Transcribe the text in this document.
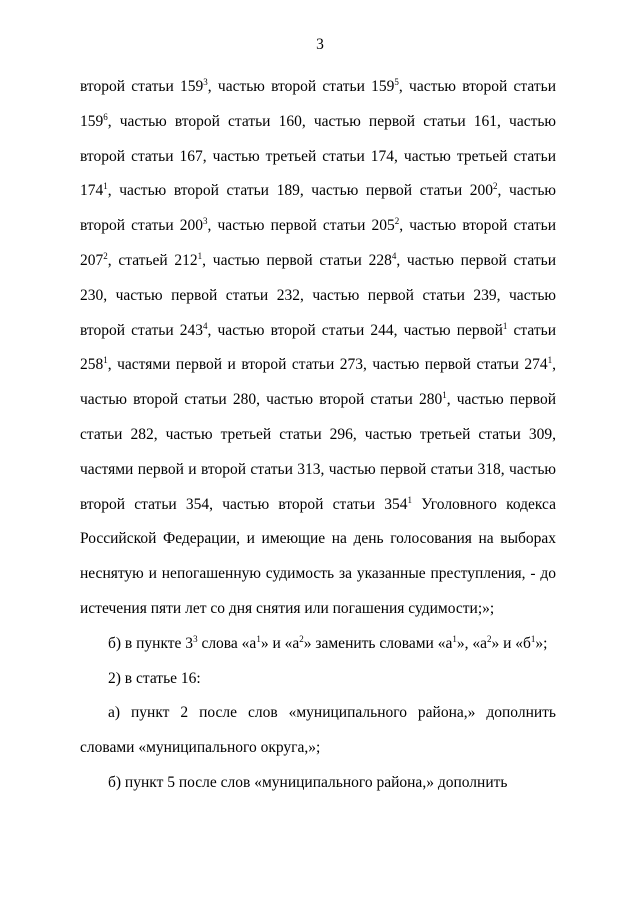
3

второй статьи $159^3$, частью второй статьи $159^5$, частью второй статьи $159^6$, частью второй статьи 160, частью первой статьи 161, частью второй статьи 167, частью третьей статьи 174, частью третьей статьи $174^1$, частью второй статьи 189, частью первой статьи $200^2$, частью второй статьи $200^3$, частью первой статьи $205^2$, частью второй статьи $207^2$, статьей $212^1$, частью первой статьи $228^4$, частью первой статьи 230, частью первой статьи 232, частью первой статьи 239, частью второй статьи $243^4$, частью второй статьи 244, частью первой$^1$ статьи $258^1$, частями первой и второй статьи 273, частью первой статьи $274^1$, частью второй статьи 280, частью второй статьи $280^1$, частью первой статьи 282, частью третьей статьи 296, частью третьей статьи 309, частями первой и второй статьи 313, частью первой статьи 318, частью второй статьи 354, частью второй статьи $354^1$ Уголовного кодекса Российской Федерации, и имеющие на день голосования на выборах неснятую и непогашенную судимость за указанные преступления, - до истечения пяти лет со дня снятия или погашения судимости;»;

б) в пункте $3^3$ слова «$а^1$» и «$а^2$» заменить словами «$а^1$», «$а^2$» и «$б^1$»;

2) в статье 16:

а) пункт 2 после слов «муниципального района,» дополнить словами «муниципального округа,»;

б) пункт 5 после слов «муниципального района,» дополнить
